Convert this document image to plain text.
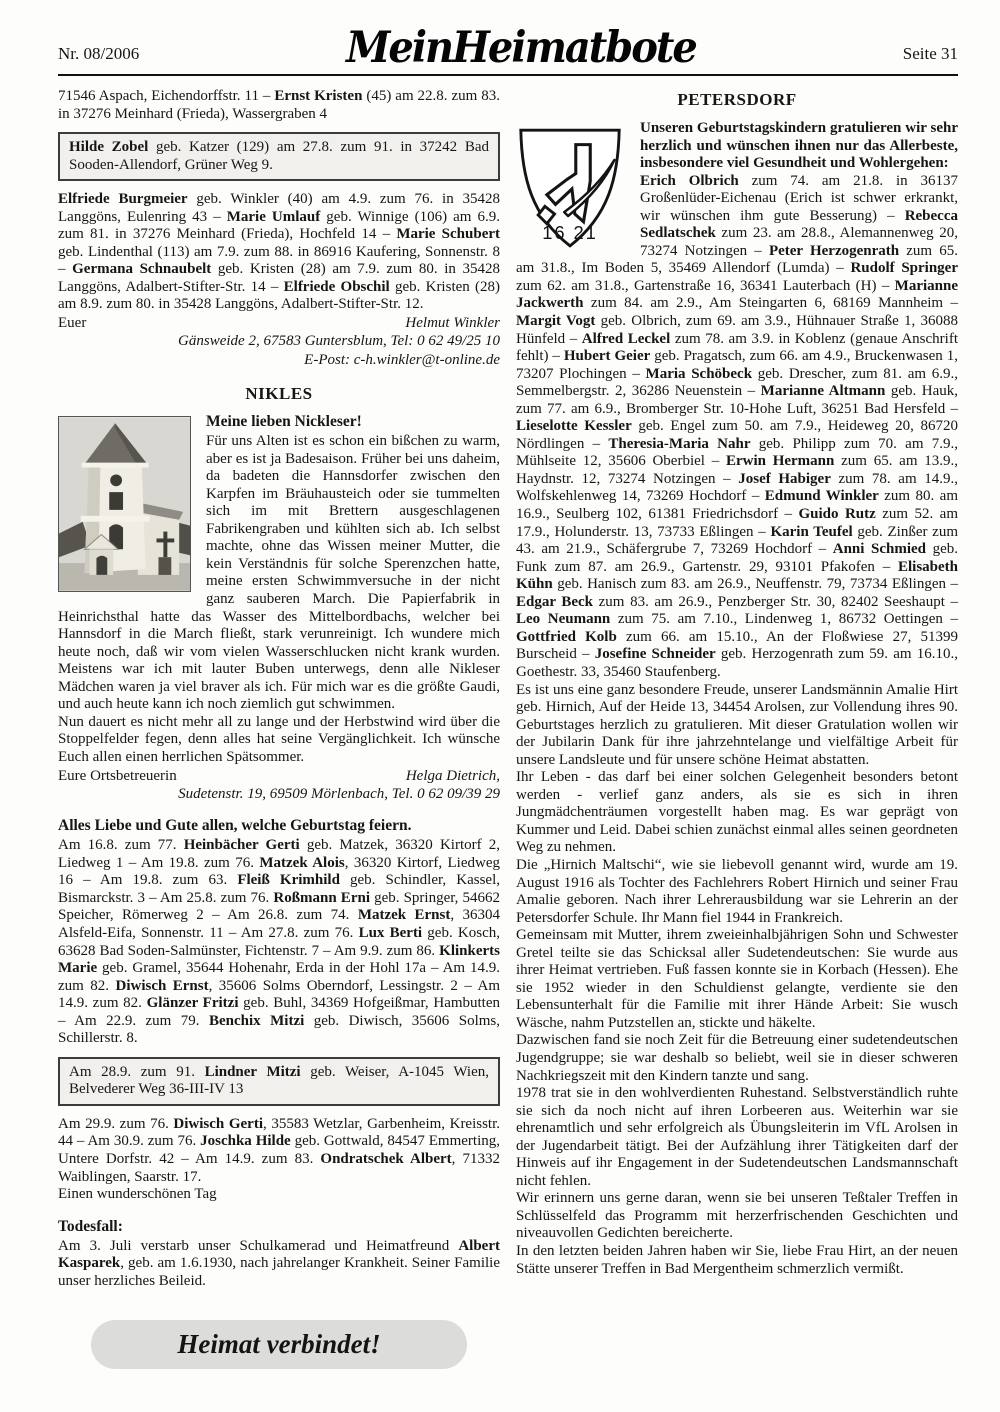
Nr. 08/2006	MeinHeimatbote	Seite 31

71546 Aspach, Eichendorffstr. 11 – Ernst Kristen (45) am 22.8. zum 83. in 37276 Meinhard (Frieda), Wassergraben 4

Hilde Zobel geb. Katzer (129) am 27.8. zum 91. in 37242 Bad Sooden-Allendorf, Grüner Weg 9.

Elfriede Burgmeier geb. Winkler (40) am 4.9. zum 76. in 35428 Langgöns, Eulenring 43 – Marie Umlauf geb. Winnige (106) am 6.9. zum 81. in 37276 Meinhard (Frieda), Hochfeld 14 – Marie Schubert geb. Lindenthal (113) am 7.9. zum 88. in 86916 Kaufering, Sonnenstr. 8 – Germana Schnaubelt geb. Kristen (28) am 7.9. zum 80. in 35428 Langgöns, Adalbert-Stifter-Str. 14 – Elfriede Obschil geb. Kristen (28) am 8.9. zum 80. in 35428 Langgöns, Adalbert-Stifter-Str. 12.

Euer	Helmut Winkler
Gänsweide 2, 67583 Guntersblum, Tel: 0 62 49/25 10
E-Post: c-h.winkler@t-online.de
NIKLES

Meine lieben Nickleser!

Für uns Alten ist es schon ein bißchen zu warm, aber es ist ja Badesaison. Früher bei uns daheim, da badeten die Hannsdorfer zwischen den Karpfen im Bräuhausteich oder sie tummelten sich im mit Brettern ausgeschlagenen Fabrikengraben und kühlten sich ab. Ich selbst machte, ohne das Wissen meiner Mutter, die kein Verständnis für solche Sperenzchen hatte, meine ersten Schwimmversuche in der nicht ganz sauberen March. Die Papierfabrik in Heinrichsthal hatte das Wasser des Mittelbordbachs, welcher bei Hannsdorf in die March fließt, stark verunreinigt. Ich wundere mich heute noch, daß wir vom vielen Wasserschlucken nicht krank wurden. Meistens war ich mit lauter Buben unterwegs, denn alle Nikleser Mädchen waren ja viel braver als ich. Für mich war es die größte Gaudi, und auch heute kann ich noch ziemlich gut schwimmen.

Nun dauert es nicht mehr all zu lange und der Herbstwind wird über die Stoppelfelder fegen, denn alles hat seine Vergänglichkeit. Ich wünsche Euch allen einen herrlichen Spätsommer.

Eure Ortsbetreuerin	Helga Dietrich,
Sudetenstr. 19, 69509 Mörlenbach, Tel. 0 62 09/39 29
Alles Liebe und Gute allen, welche Geburtstag feiern.

Am 16.8. zum 77. Heinbächer Gerti geb. Matzek, 36320 Kirtorf 2, Liedweg 1 – Am 19.8. zum 76. Matzek Alois, 36320 Kirtorf, Liedweg 16 – Am 19.8. zum 63. Fleiß Krimhild geb. Schindler, Kassel, Bismarckstr. 3 – Am 25.8. zum 76. Roßmann Erni geb. Springer, 54662 Speicher, Römerweg 2 – Am 26.8. zum 74. Matzek Ernst, 36304 Alsfeld-Eifa, Sonnenstr. 11 – Am 27.8. zum 76. Lux Berti geb. Kosch, 63628 Bad Soden-Salmünster, Fichtenstr. 7 – Am 9.9. zum 86. Klinkerts Marie geb. Gramel, 35644 Hohenahr, Erda in der Hohl 17a – Am 14.9. zum 82. Diwisch Ernst, 35606 Solms Oberndorf, Lessingstr. 2 – Am 14.9. zum 82. Glänzer Fritzi geb. Buhl, 34369 Hofgeißmar, Hambutten – Am 22.9. zum 79. Benchix Mitzi geb. Diwisch, 35606 Solms, Schillerstr. 8.

Am 28.9. zum 91. Lindner Mitzi geb. Weiser, A-1045 Wien, Belvederer Weg 36-III-IV 13

Am 29.9. zum 76. Diwisch Gerti, 35583 Wetzlar, Garbenheim, Kreisstr. 44 – Am 30.9. zum 76. Joschka Hilde geb. Gottwald, 84547 Emmerting, Untere Dorfstr. 42 – Am 14.9. zum 83. Ondratschek Albert, 71332 Waiblingen, Saarstr. 17.

Einen wunderschönen Tag

Todesfall:

Am 3. Juli verstarb unser Schulkamerad und Heimatfreund Albert Kasparek, geb. am 1.6.1930, nach jahrelanger Krankheit. Seiner Familie unser herzliches Beileid.

Heimat verbindet!
PETERSDORF
16 21

Unseren Geburtstagskindern gratulieren wir sehr herzlich und wünschen ihnen nur das Allerbeste, insbesondere viel Gesundheit und Wohlergehen:

Erich Olbrich zum 74. am 21.8. in 36137 Großenlüder-Eichenau (Erich ist schwer erkrankt, wir wünschen ihm gute Besserung) – Rebecca Sedlatschek zum 23. am 28.8., Alemannenweg 20, 73274 Notzingen – Peter Herzogenrath zum 65. am 31.8., Im Boden 5, 35469 Allendorf (Lumda) – Rudolf Springer zum 62. am 31.8., Gartenstraße 16, 36341 Lauterbach (H) – Marianne Jackwerth zum 84. am 2.9., Am Steingarten 6, 68169 Mannheim – Margit Vogt geb. Olbrich, zum 69. am 3.9., Hühnauer Straße 1, 36088 Hünfeld – Alfred Leckel zum 78. am 3.9. in Koblenz (genaue Anschrift fehlt) – Hubert Geier geb. Pragatsch, zum 66. am 4.9., Bruckenwasen 1, 73207 Plochingen – Maria Schöbeck geb. Drescher, zum 81. am 6.9., Semmelbergstr. 2, 36286 Neuenstein – Marianne Altmann geb. Hauk, zum 77. am 6.9., Bromberger Str. 10-Hohe Luft, 36251 Bad Hersfeld – Lieselotte Kessler geb. Engel zum 50. am 7.9., Heideweg 20, 86720 Nördlingen – Theresia-Maria Nahr geb. Philipp zum 70. am 7.9., Mühlseite 12, 35606 Oberbiel – Erwin Hermann zum 65. am 13.9., Haydnstr. 12, 73274 Notzingen – Josef Habiger zum 78. am 14.9., Wolfskehlenweg 14, 73269 Hochdorf – Edmund Winkler zum 80. am 16.9., Seulberg 102, 61381 Friedrichsdorf – Guido Rutz zum 52. am 17.9., Holunderstr. 13, 73733 Eßlingen – Karin Teufel geb. Zinßer zum 43. am 21.9., Schäfergrube 7, 73269 Hochdorf – Anni Schmied geb. Funk zum 87. am 26.9., Gartenstr. 29, 93101 Pfakofen – Elisabeth Kühn geb. Hanisch zum 83. am 26.9., Neuffenstr. 79, 73734 Eßlingen – Edgar Beck zum 83. am 26.9., Penzberger Str. 30, 82402 Seeshaupt – Leo Neumann zum 75. am 7.10., Lindenweg 1, 86732 Oettingen – Gottfried Kolb zum 66. am 15.10., An der Floßwiese 27, 51399 Burscheid – Josefine Schneider geb. Herzogenrath zum 59. am 16.10., Goethestr. 33, 35460 Staufenberg.

Es ist uns eine ganz besondere Freude, unserer Landsmännin Amalie Hirt geb. Hirnich, Auf der Heide 13, 34454 Arolsen, zur Vollendung ihres 90. Geburtstages herzlich zu gratulieren. Mit dieser Gratulation wollen wir der Jubilarin Dank für ihre jahrzehntelange und vielfältige Arbeit für unsere Landsleute und für unsere schöne Heimat abstatten.

Ihr Leben - das darf bei einer solchen Gelegenheit besonders betont werden - verlief ganz anders, als sie es sich in ihren Jungmädchenträumen vorgestellt haben mag. Es war geprägt von Kummer und Leid. Dabei schien zunächst einmal alles seinen geordneten Weg zu nehmen.

Die „Hirnich Maltschi“, wie sie liebevoll genannt wird, wurde am 19. August 1916 als Tochter des Fachlehrers Robert Hirnich und seiner Frau Amalie geboren. Nach ihrer Lehrerausbildung war sie Lehrerin an der Petersdorfer Schule. Ihr Mann fiel 1944 in Frankreich.

Gemeinsam mit Mutter, ihrem zweieinhalbjährigen Sohn und Schwester Gretel teilte sie das Schicksal aller Sudetendeutschen: Sie wurde aus ihrer Heimat vertrieben. Fuß fassen konnte sie in Korbach (Hessen). Ehe sie 1952 wieder in den Schuldienst gelangte, verdiente sie den Lebensunterhalt für die Familie mit ihrer Hände Arbeit: Sie wusch Wäsche, nahm Putzstellen an, stickte und häkelte.

Dazwischen fand sie noch Zeit für die Betreuung einer sudetendeutschen Jugendgruppe; sie war deshalb so beliebt, weil sie in dieser schweren Nachkriegszeit mit den Kindern tanzte und sang.

1978 trat sie in den wohlverdienten Ruhestand. Selbstverständlich ruhte sie sich da noch nicht auf ihren Lorbeeren aus. Weiterhin war sie ehrenamtlich und sehr erfolgreich als Übungsleiterin im VfL Arolsen in der Jugendarbeit tätigt. Bei der Aufzählung ihrer Tätigkeiten darf der Hinweis auf ihr Engagement in der Sudetendeutschen Landsmannschaft nicht fehlen.

Wir erinnern uns gerne daran, wenn sie bei unseren Teßtaler Treffen in Schlüsselfeld das Programm mit herzerfrischenden Geschichten und niveauvollen Gedichten bereicherte.

In den letzten beiden Jahren haben wir Sie, liebe Frau Hirt, an der neuen Stätte unserer Treffen in Bad Mergentheim schmerzlich vermißt.
